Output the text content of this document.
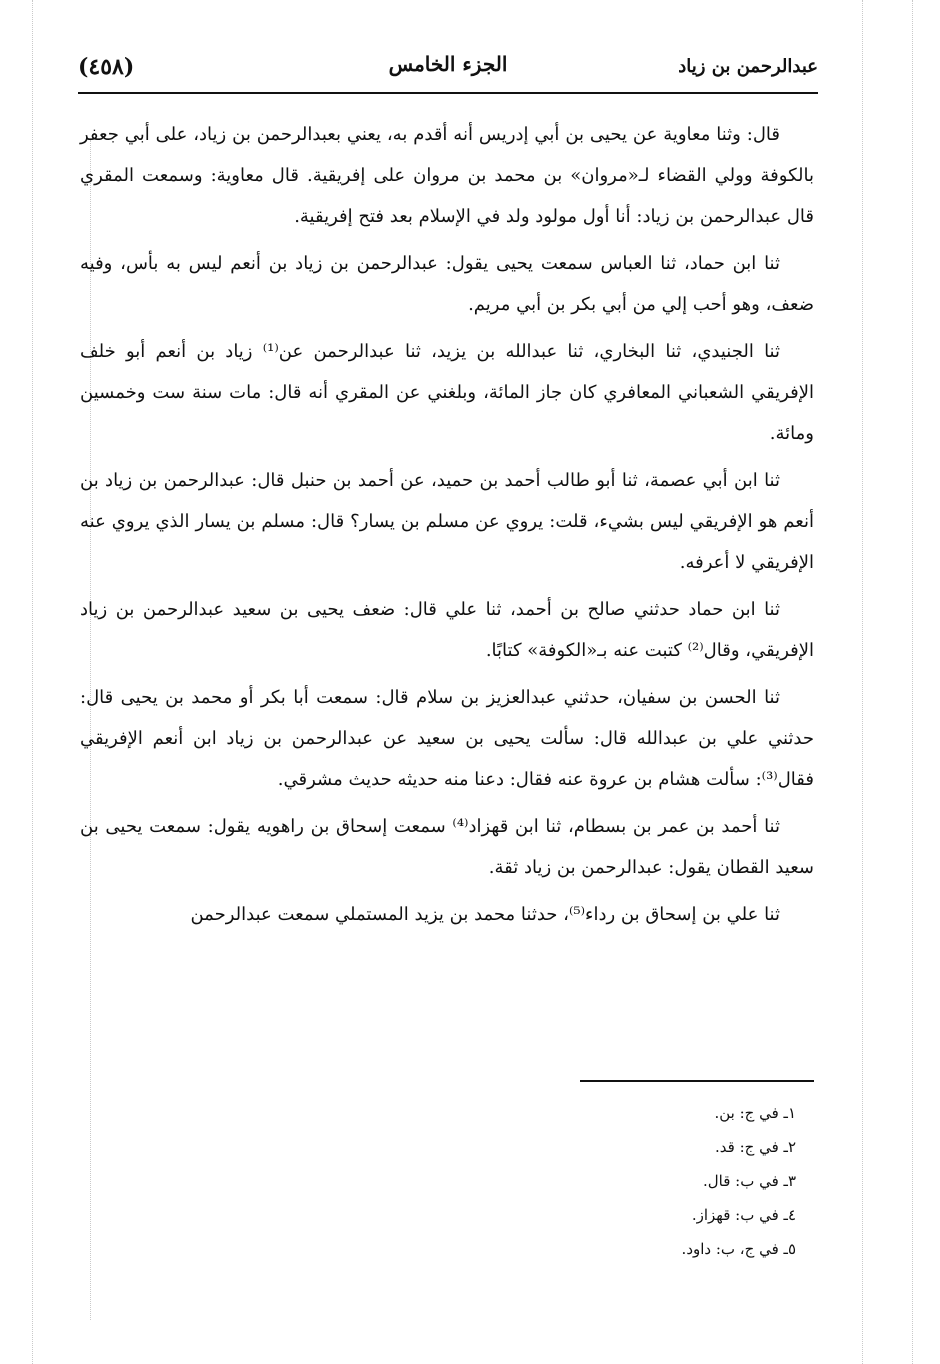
(٤٥٨)	الجزء الخامس	عبدالرحمن بن زياد

قال: وثنا معاوية عن يحيى بن أبي إدريس أنه أقدم به، يعني بعبدالرحمن بن زياد، على أبي جعفر بالكوفة وولي القضاء لـ«مروان» بن محمد بن مروان على إفريقية. قال معاوية: وسمعت المقري قال عبدالرحمن بن زياد: أنا أول مولود ولد في الإسلام بعد فتح إفريقية.

ثنا ابن حماد، ثنا العباس سمعت يحيى يقول: عبدالرحمن بن زياد بن أنعم ليس به بأس، وفيه ضعف، وهو أحب إلي من أبي بكر بن أبي مريم.

ثنا الجنيدي، ثنا البخاري، ثنا عبدالله بن يزيد، ثنا عبدالرحمن عن⁽¹⁾ زياد بن أنعم أبو خلف الإفريقي الشعباني المعافري كان جاز المائة، وبلغني عن المقري أنه قال: مات سنة ست وخمسين ومائة.

ثنا ابن أبي عصمة، ثنا أبو طالب أحمد بن حميد، عن أحمد بن حنبل قال: عبدالرحمن بن زياد بن أنعم هو الإفريقي ليس بشيء، قلت: يروي عن مسلم بن يسار؟ قال: مسلم بن يسار الذي يروي عنه الإفريقي لا أعرفه.

ثنا ابن حماد حدثني صالح بن أحمد، ثنا علي قال: ضعف يحيى بن سعيد عبدالرحمن بن زياد الإفريقي، وقال⁽²⁾ كتبت عنه بـ«الكوفة» كتابًا.

ثنا الحسن بن سفيان، حدثني عبدالعزيز بن سلام قال: سمعت أبا بكر أو محمد بن يحيى قال: حدثني علي بن عبدالله قال: سألت يحيى بن سعيد عن عبدالرحمن بن زياد ابن أنعم الإفريقي فقال⁽³⁾: سألت هشام بن عروة عنه فقال: دعنا منه حديثه حديث مشرقي.

ثنا أحمد بن عمر بن بسطام، ثنا ابن قهزاد⁽⁴⁾ سمعت إسحاق بن راهويه يقول: سمعت يحيى بن سعيد القطان يقول: عبدالرحمن بن زياد ثقة.

ثنا علي بن إسحاق بن رداء⁽⁵⁾، حدثنا محمد بن يزيد المستملي سمعت عبدالرحمن

١ـ في ج: بن.

٢ـ في ج: قد.

٣ـ في ب: قال.

٤ـ في ب: قهزاز.

٥ـ في ج، ب: داود.
